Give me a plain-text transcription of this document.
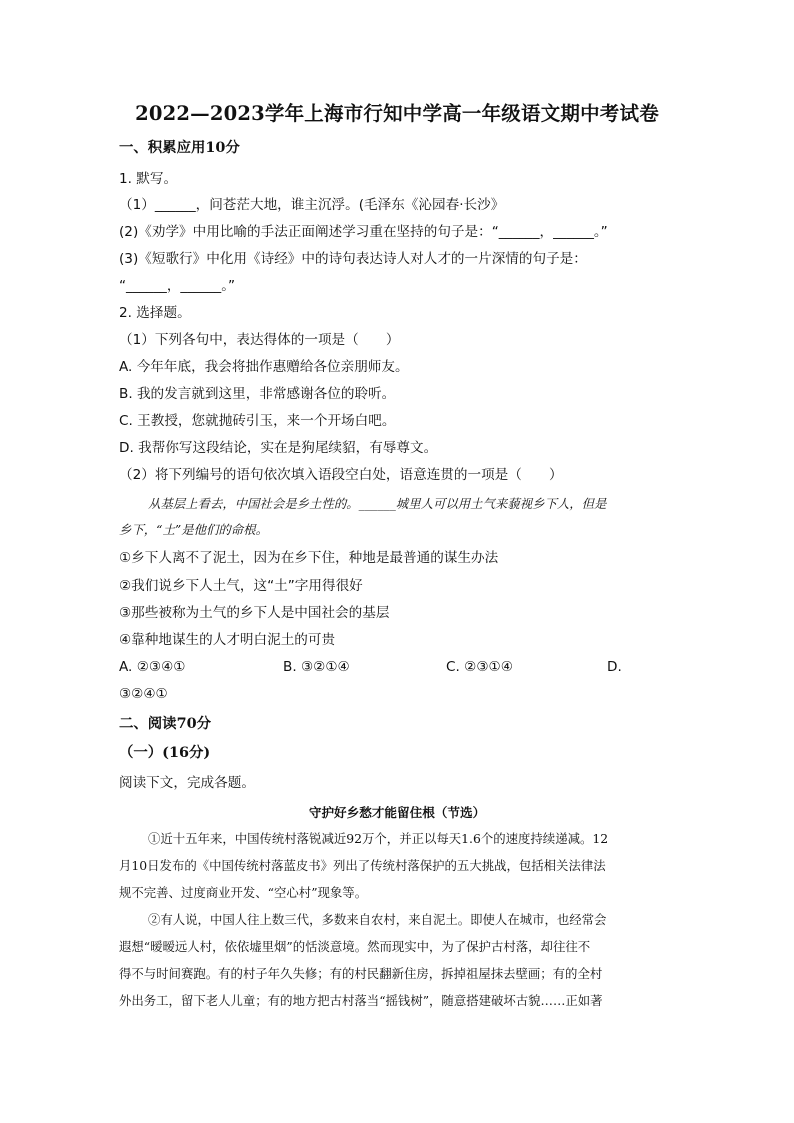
2022—2023学年上海市行知中学高一年级语文期中考试卷
一、积累应用10分
1. 默写。
（1）______，问苍茫大地，谁主沉浮。(毛泽东《沁园春·长沙》
(2)《劝学》中用比喻的手法正面阐述学习重在坚持的句子是：“______，______。”
(3)《短歌行》中化用《诗经》中的诗句表达诗人对人才的一片深情的句子是：
“______，______。”
2. 选择题。
（1）下列各句中，表达得体的一项是（　　）
A. 今年年底，我会将拙作惠赠给各位亲朋师友。
B. 我的发言就到这里，非常感谢各位的聆听。
C. 王教授，您就抛砖引玉，来一个开场白吧。
D. 我帮你写这段结论，实在是狗尾续貂，有辱尊文。
（2）将下列编号的语句依次填入语段空白处，语意连贯的一项是（　　）
从基层上看去，中国社会是乡土性的。______城里人可以用土气来藐视乡下人，但是
乡下，“土”是他们的命根。
①乡下人离不了泥土，因为在乡下住，种地是最普通的谋生办法
②我们说乡下人土气，这“土”字用得很好
③那些被称为土气的乡下人是中国社会的基层
④靠种地谋生的人才明白泥土的可贵
A. ②③④①	B. ③②①④	C. ②③①④	D.
③②④①
二、阅读70分
（一）(16分)
阅读下文，完成各题。
守护好乡愁才能留住根（节选）
①近十五年来，中国传统村落锐减近92万个，并正以每天1.6个的速度持续递减。12
月10日发布的《中国传统村落蓝皮书》列出了传统村落保护的五大挑战，包括相关法律法
规不完善、过度商业开发、“空心村”现象等。
②有人说，中国人往上数三代，多数来自农村，来自泥土。即使人在城市，也经常会
遐想“暧暧远人村，依依墟里烟”的恬淡意境。然而现实中，为了保护古村落，却往往不
得不与时间赛跑。有的村子年久失修；有的村民翻新住房，拆掉祖屋抹去壁画；有的全村
外出务工，留下老人儿童；有的地方把古村落当“摇钱树”，随意搭建破坏古貌……正如著
